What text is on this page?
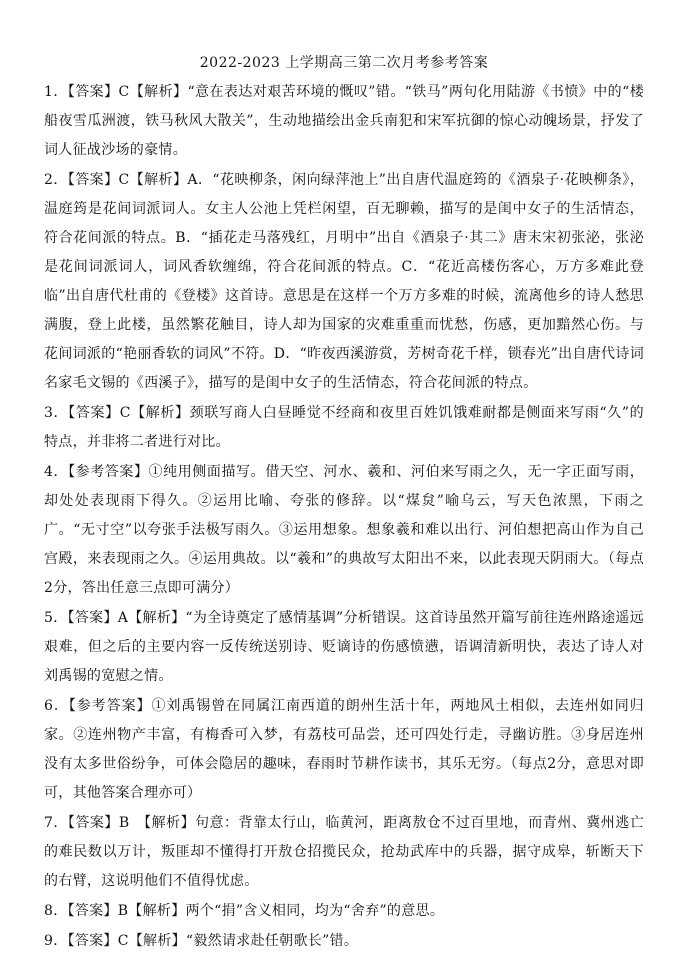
2022-2023 上学期高三第二次月考参考答案

1．【答案】C【解析】“意在表达对艰苦环境的慨叹”错。“铁马”两句化用陆游《书愤》中的“楼船夜雪瓜洲渡，铁马秋风大散关”，生动地描绘出金兵南犯和宋军抗御的惊心动魄场景，抒发了词人征战沙场的豪情。

2．【答案】C【解析】A．“花映柳条，闲向绿萍池上”出自唐代温庭筠的《酒泉子·花映柳条》，温庭筠是花间词派词人。女主人公池上凭栏闲望，百无聊赖，描写的是闺中女子的生活情态，符合花间派的特点。B．“插花走马落残红，月明中”出自《酒泉子·其二》唐末宋初张泌，张泌是花间词派词人，词风香软缠绵，符合花间派的特点。C．“花近高楼伤客心，万方多难此登临”出自唐代杜甫的《登楼》这首诗。意思是在这样一个万方多难的时候，流离他乡的诗人愁思满腹，登上此楼，虽然繁花触目，诗人却为国家的灾难重重而忧愁，伤感，更加黯然心伤。与花间词派的“艳丽香软的词风”不符。D．“昨夜西溪游赏，芳树奇花千样，锁春光”出自唐代诗词名家毛文锡的《西溪子》，描写的是闺中女子的生活情态，符合花间派的特点。

3．【答案】C【解析】颈联写商人白昼睡觉不经商和夜里百姓饥饿难耐都是侧面来写雨“久”的特点，并非将二者进行对比。

4．【参考答案】①纯用侧面描写。借天空、河水、羲和、河伯来写雨之久，无一字正面写雨，却处处表现雨下得久。②运用比喻、夸张的修辞。以“煤炱”喻乌云，写天色浓黑，下雨之广。“无寸空”以夸张手法极写雨久。③运用想象。想象羲和难以出行、河伯想把高山作为自己宫殿，来表现雨之久。④运用典故。以“羲和”的典故写太阳出不来，以此表现天阴雨大。（每点2分，答出任意三点即可满分）

5．【答案】A【解析】“为全诗奠定了感情基调”分析错误。这首诗虽然开篇写前往连州路途遥远艰难，但之后的主要内容一反传统送别诗、贬谪诗的伤感愤懑，语调清新明快，表达了诗人对刘禹锡的宽慰之情。

6．【参考答案】①刘禹锡曾在同属江南西道的朗州生活十年，两地风土相似，去连州如同归家。②连州物产丰富，有梅香可入梦，有荔枝可品尝，还可四处行走，寻幽访胜。③身居连州没有太多世俗纷争，可体会隐居的趣味，春雨时节耕作读书，其乐无穷。（每点2分，意思对即可，其他答案合理亦可）

7．【答案】B　【解析】句意：背靠太行山，临黄河，距离敖仓不过百里地，而青州、冀州逃亡的难民数以万计，叛匪却不懂得打开敖仓招揽民众，抢劫武库中的兵器，据守成皋，斩断天下的右臂，这说明他们不值得忧虑。

8．【答案】B【解析】两个“捐”含义相同，均为“舍弃”的意思。

9．【答案】C【解析】“毅然请求赴任朝歌长”错。
